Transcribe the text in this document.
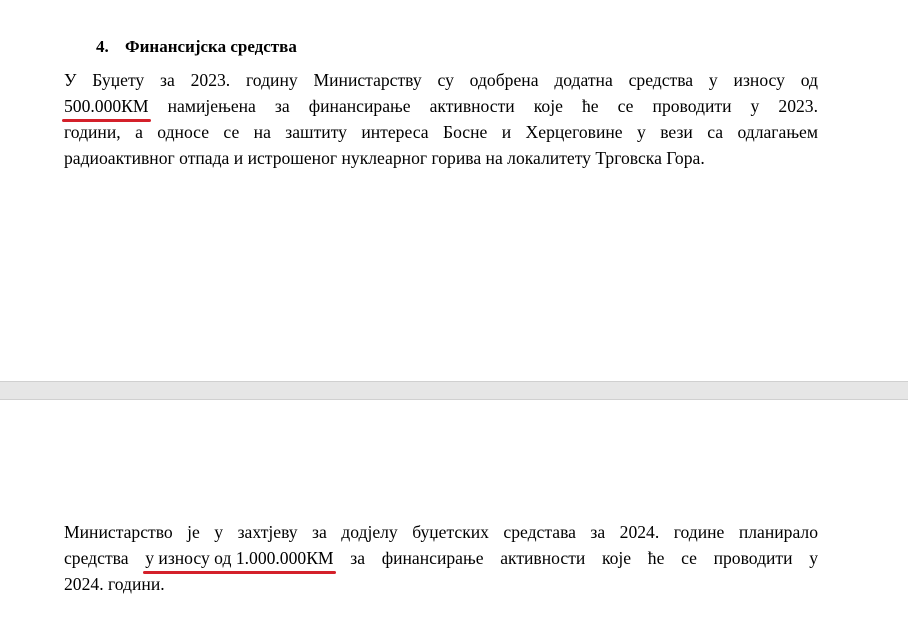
4. Финансијска средства
У Буџету за 2023. годину Министарству су одобрена додатна средства у износу од
500.000КМ намијењена за финансирање активности које ће се проводити у 2023.
години, а односе се на заштиту интереса Босне и Херцеговине у вези са одлагањем
радиоактивног отпада и истрошеног нуклеарног горива на локалитету Трговска Гора.
Министарство је у захтјеву за додјелу буџетских средстава за 2024. године планирало
средства у износу од 1.000.000КМ за финансирање активности које ће се проводити у
2024. години.
